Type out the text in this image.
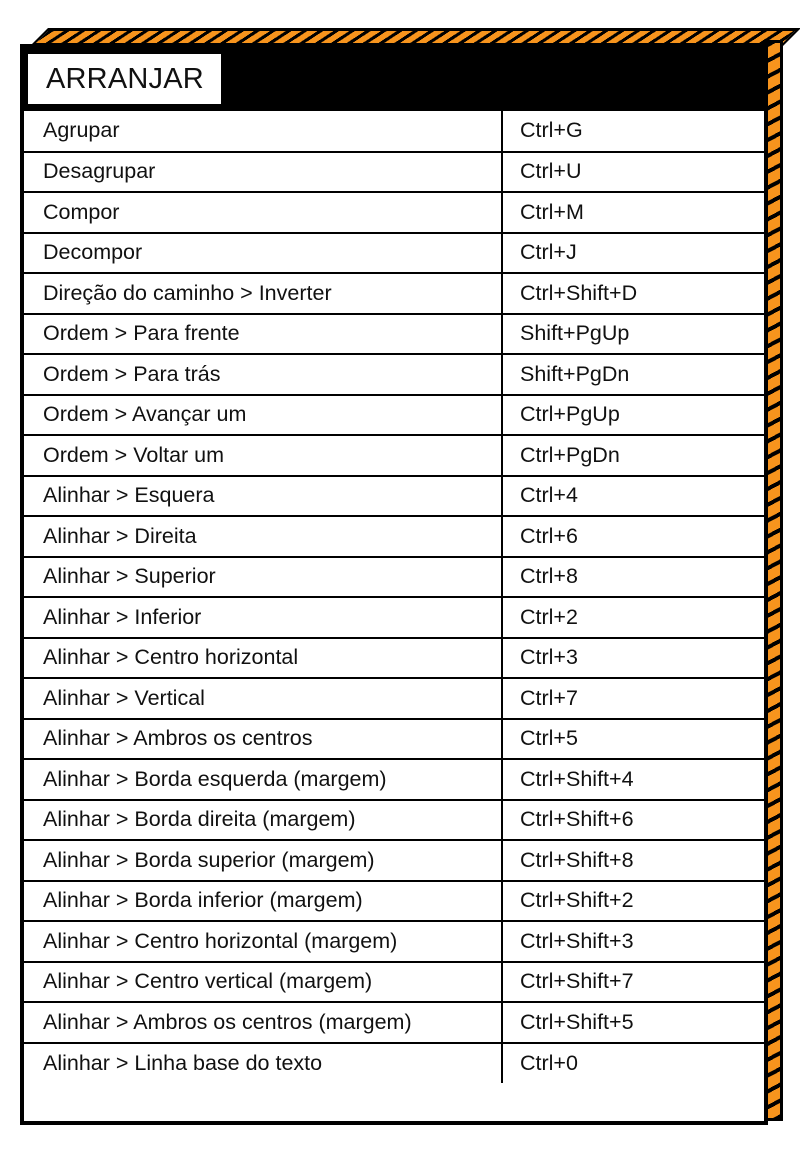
ARRANJAR
Agrupar	Ctrl+G
Desagrupar	Ctrl+U
Compor	Ctrl+M
Decompor	Ctrl+J
Direção do caminho > Inverter	Ctrl+Shift+D
Ordem > Para frente	Shift+PgUp
Ordem > Para trás	Shift+PgDn
Ordem > Avançar um	Ctrl+PgUp
Ordem > Voltar um	Ctrl+PgDn
Alinhar > Esquera	Ctrl+4
Alinhar > Direita	Ctrl+6
Alinhar > Superior	Ctrl+8
Alinhar > Inferior	Ctrl+2
Alinhar > Centro horizontal	Ctrl+3
Alinhar > Vertical	Ctrl+7
Alinhar > Ambros os centros	Ctrl+5
Alinhar > Borda esquerda (margem)	Ctrl+Shift+4
Alinhar > Borda direita (margem)	Ctrl+Shift+6
Alinhar > Borda superior (margem)	Ctrl+Shift+8
Alinhar > Borda inferior (margem)	Ctrl+Shift+2
Alinhar > Centro horizontal (margem)	Ctrl+Shift+3
Alinhar > Centro vertical (margem)	Ctrl+Shift+7
Alinhar > Ambros os centros (margem)	Ctrl+Shift+5
Alinhar > Linha base do texto	Ctrl+0
